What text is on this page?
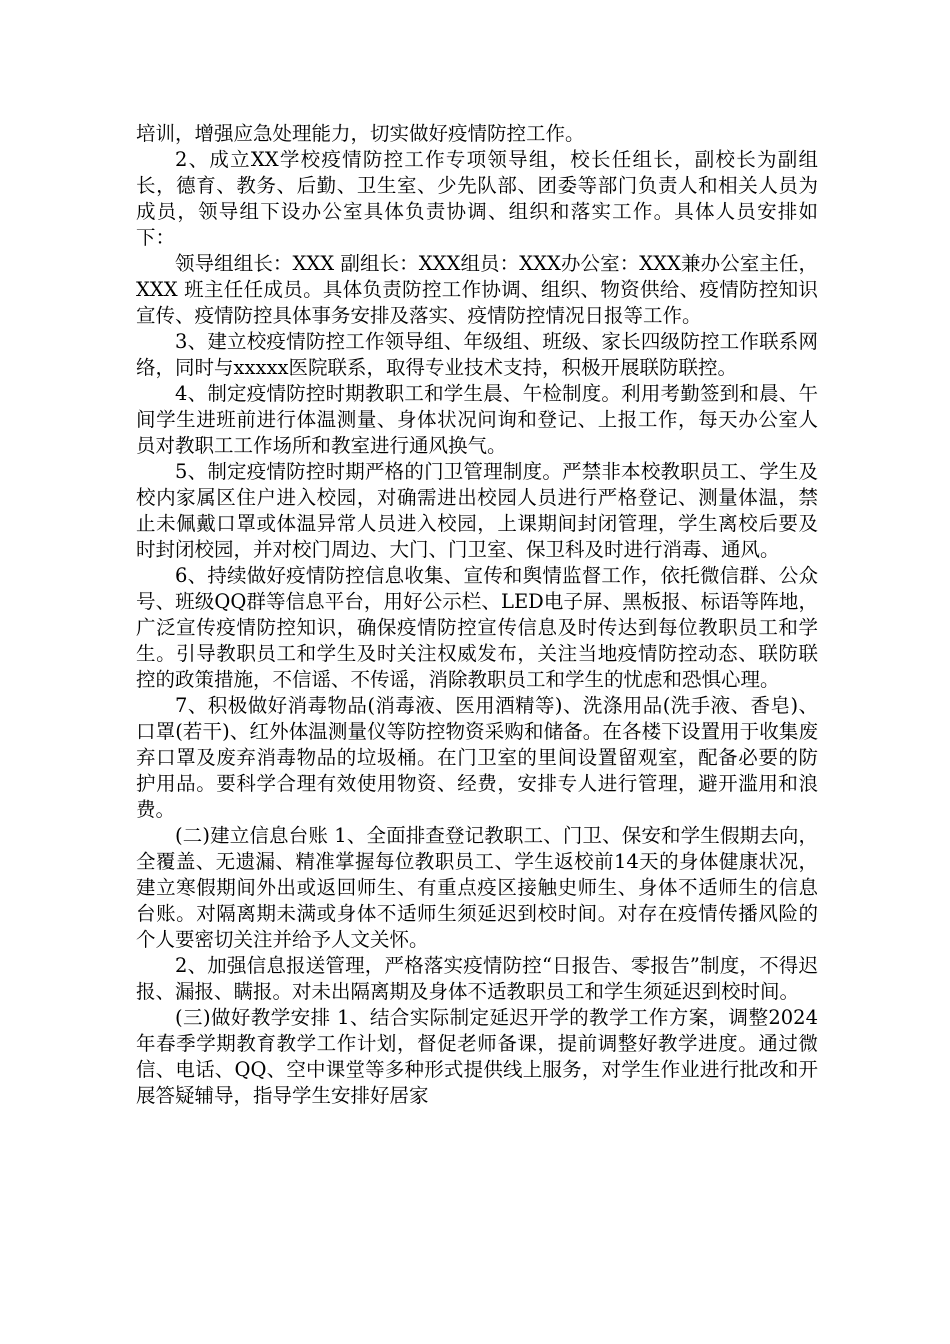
培训，增强应急处理能力，切实做好疫情防控工作。

2、成立XX学校疫情防控工作专项领导组，校长任组长，副校长为副组长，德育、教务、后勤、卫生室、少先队部、团委等部门负责人和相关人员为成员，领导组下设办公室具体负责协调、组织和落实工作。具体人员安排如下：

领导组组长：XXX 副组长：XXX组员：XXX办公室：XXX兼办公室主任，XXX 班主任任成员。具体负责防控工作协调、组织、物资供给、疫情防控知识宣传、疫情防控具体事务安排及落实、疫情防控情况日报等工作。

3、建立校疫情防控工作领导组、年级组、班级、家长四级防控工作联系网络，同时与xxxxx医院联系，取得专业技术支持，积极开展联防联控。

4、制定疫情防控时期教职工和学生晨、午检制度。利用考勤签到和晨、午间学生进班前进行体温测量、身体状况问询和登记、上报工作，每天办公室人员对教职工工作场所和教室进行通风换气。

5、制定疫情防控时期严格的门卫管理制度。严禁非本校教职员工、学生及校内家属区住户进入校园，对确需进出校园人员进行严格登记、测量体温，禁止未佩戴口罩或体温异常人员进入校园，上课期间封闭管理，学生离校后要及时封闭校园，并对校门周边、大门、门卫室、保卫科及时进行消毒、通风。

6、持续做好疫情防控信息收集、宣传和舆情监督工作，依托微信群、公众号、班级QQ群等信息平台，用好公示栏、LED电子屏、黑板报、标语等阵地，广泛宣传疫情防控知识，确保疫情防控宣传信息及时传达到每位教职员工和学生。引导教职员工和学生及时关注权威发布，关注当地疫情防控动态、联防联控的政策措施，不信谣、不传谣，消除教职员工和学生的忧虑和恐惧心理。

7、积极做好消毒物品(消毒液、医用酒精等)、洗涤用品(洗手液、香皂)、口罩(若干)、红外体温测量仪等防控物资采购和储备。在各楼下设置用于收集废弃口罩及废弃消毒物品的垃圾桶。在门卫室的里间设置留观室，配备必要的防护用品。要科学合理有效使用物资、经费，安排专人进行管理，避开滥用和浪费。

(二)建立信息台账 1、全面排查登记教职工、门卫、保安和学生假期去向，全覆盖、无遗漏、精准掌握每位教职员工、学生返校前14天的身体健康状况，建立寒假期间外出或返回师生、有重点疫区接触史师生、身体不适师生的信息台账。对隔离期未满或身体不适师生须延迟到校时间。对存在疫情传播风险的个人要密切关注并给予人文关怀。

2、加强信息报送管理，严格落实疫情防控“日报告、零报告”制度，不得迟报、漏报、瞒报。对未出隔离期及身体不适教职员工和学生须延迟到校时间。

(三)做好教学安排 1、结合实际制定延迟开学的教学工作方案，调整2024年春季学期教育教学工作计划，督促老师备课，提前调整好教学进度。通过微信、电话、QQ、空中课堂等多种形式提供线上服务，对学生作业进行批改和开展答疑辅导，指导学生安排好居家
